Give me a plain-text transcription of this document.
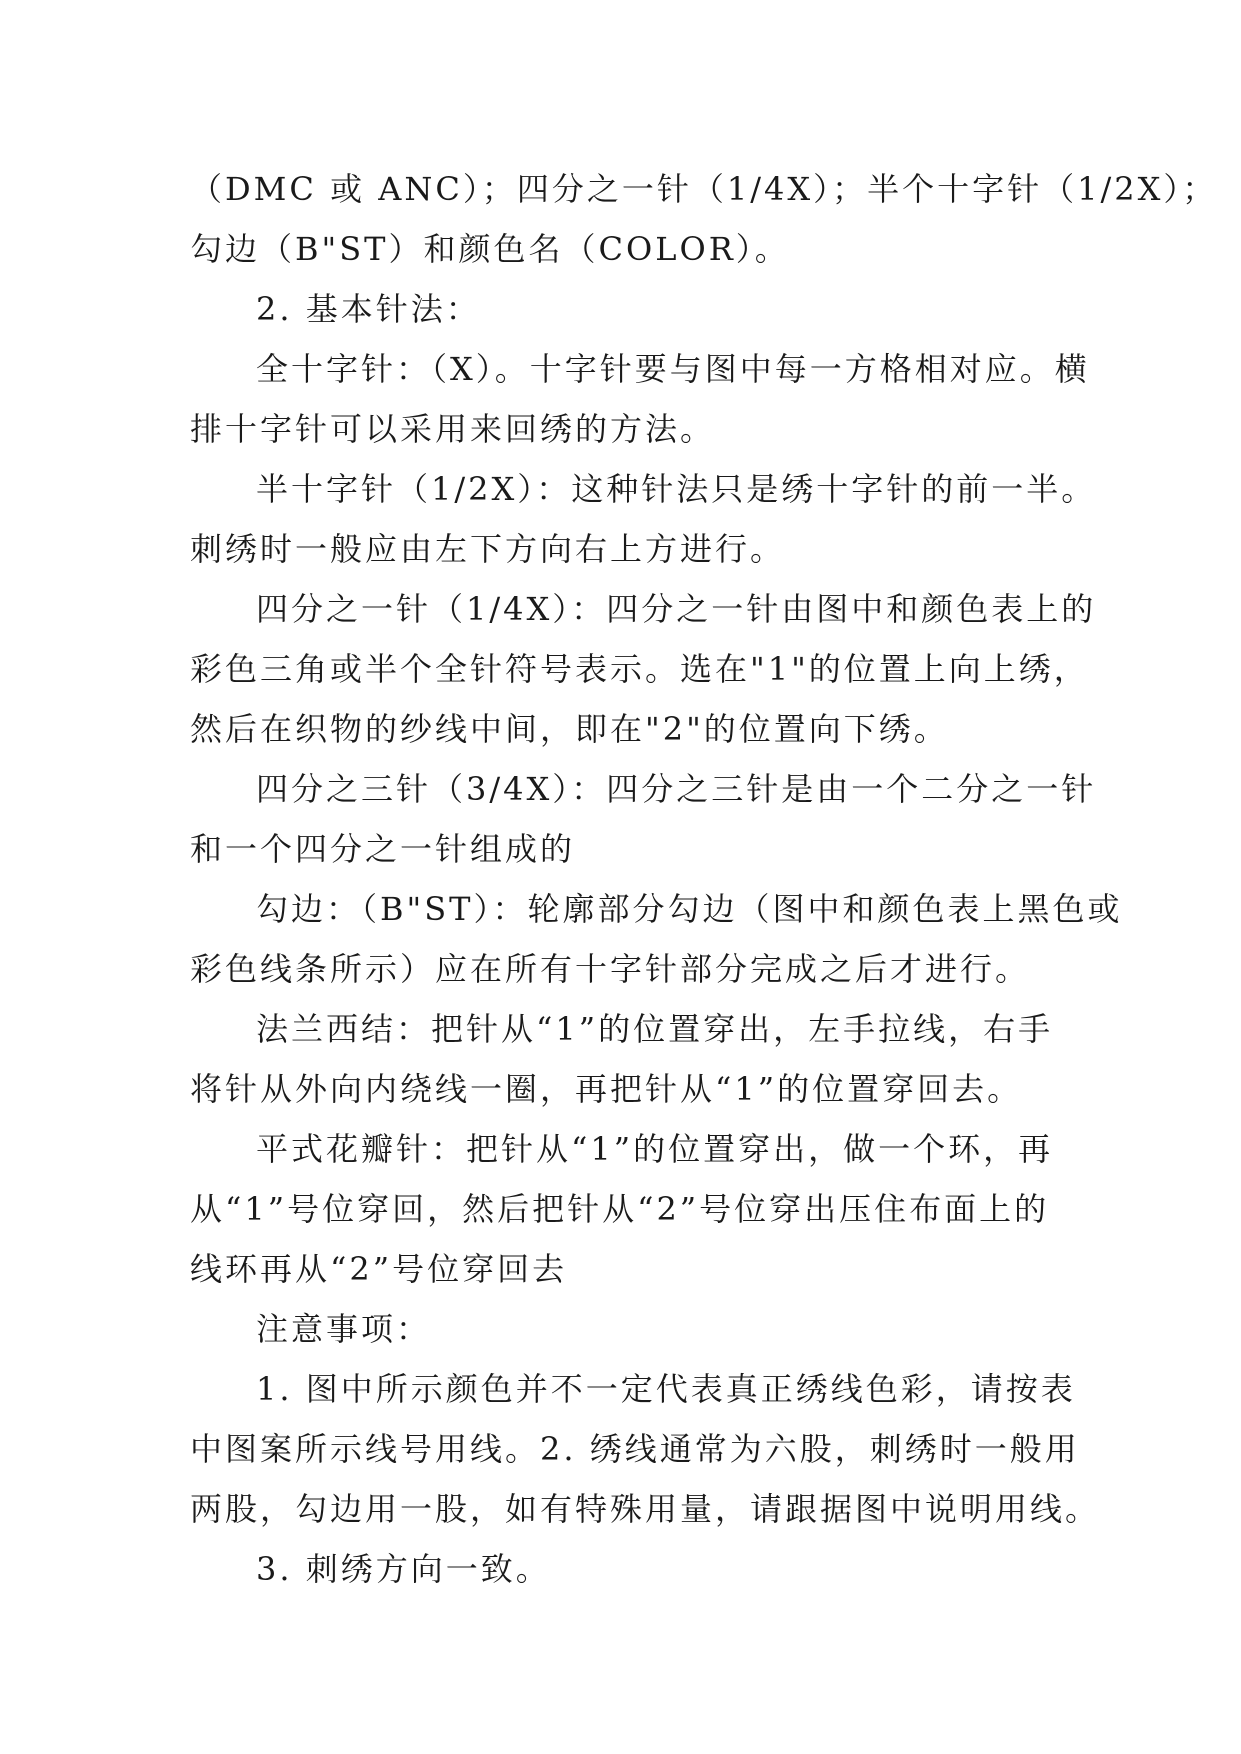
（DMC 或 ANC）；四分之一针（1/4X）；半个十字针（1/2X）；
勾边（B"ST）和颜色名（COLOR）。
2. 基本针法：
全十字针：（X）。十字针要与图中每一方格相对应。横
排十字针可以采用来回绣的方法。
半十字针（1/2X）：这种针法只是绣十字针的前一半。
刺绣时一般应由左下方向右上方进行。
四分之一针（1/4X）：四分之一针由图中和颜色表上的
彩色三角或半个全针符号表示。选在"1"的位置上向上绣，
然后在织物的纱线中间，即在"2"的位置向下绣。
四分之三针（3/4X）：四分之三针是由一个二分之一针
和一个四分之一针组成的
勾边：（B"ST）：轮廓部分勾边（图中和颜色表上黑色或
彩色线条所示）应在所有十字针部分完成之后才进行。
法兰西结：把针从“1”的位置穿出，左手拉线，右手
将针从外向内绕线一圈，再把针从“1”的位置穿回去。
平式花瓣针：把针从“1”的位置穿出，做一个环，再
从“1”号位穿回，然后把针从“2”号位穿出压住布面上的
线环再从“2”号位穿回去
注意事项：
1. 图中所示颜色并不一定代表真正绣线色彩，请按表
中图案所示线号用线。2. 绣线通常为六股，刺绣时一般用
两股，勾边用一股，如有特殊用量，请跟据图中说明用线。
3. 刺绣方向一致。
